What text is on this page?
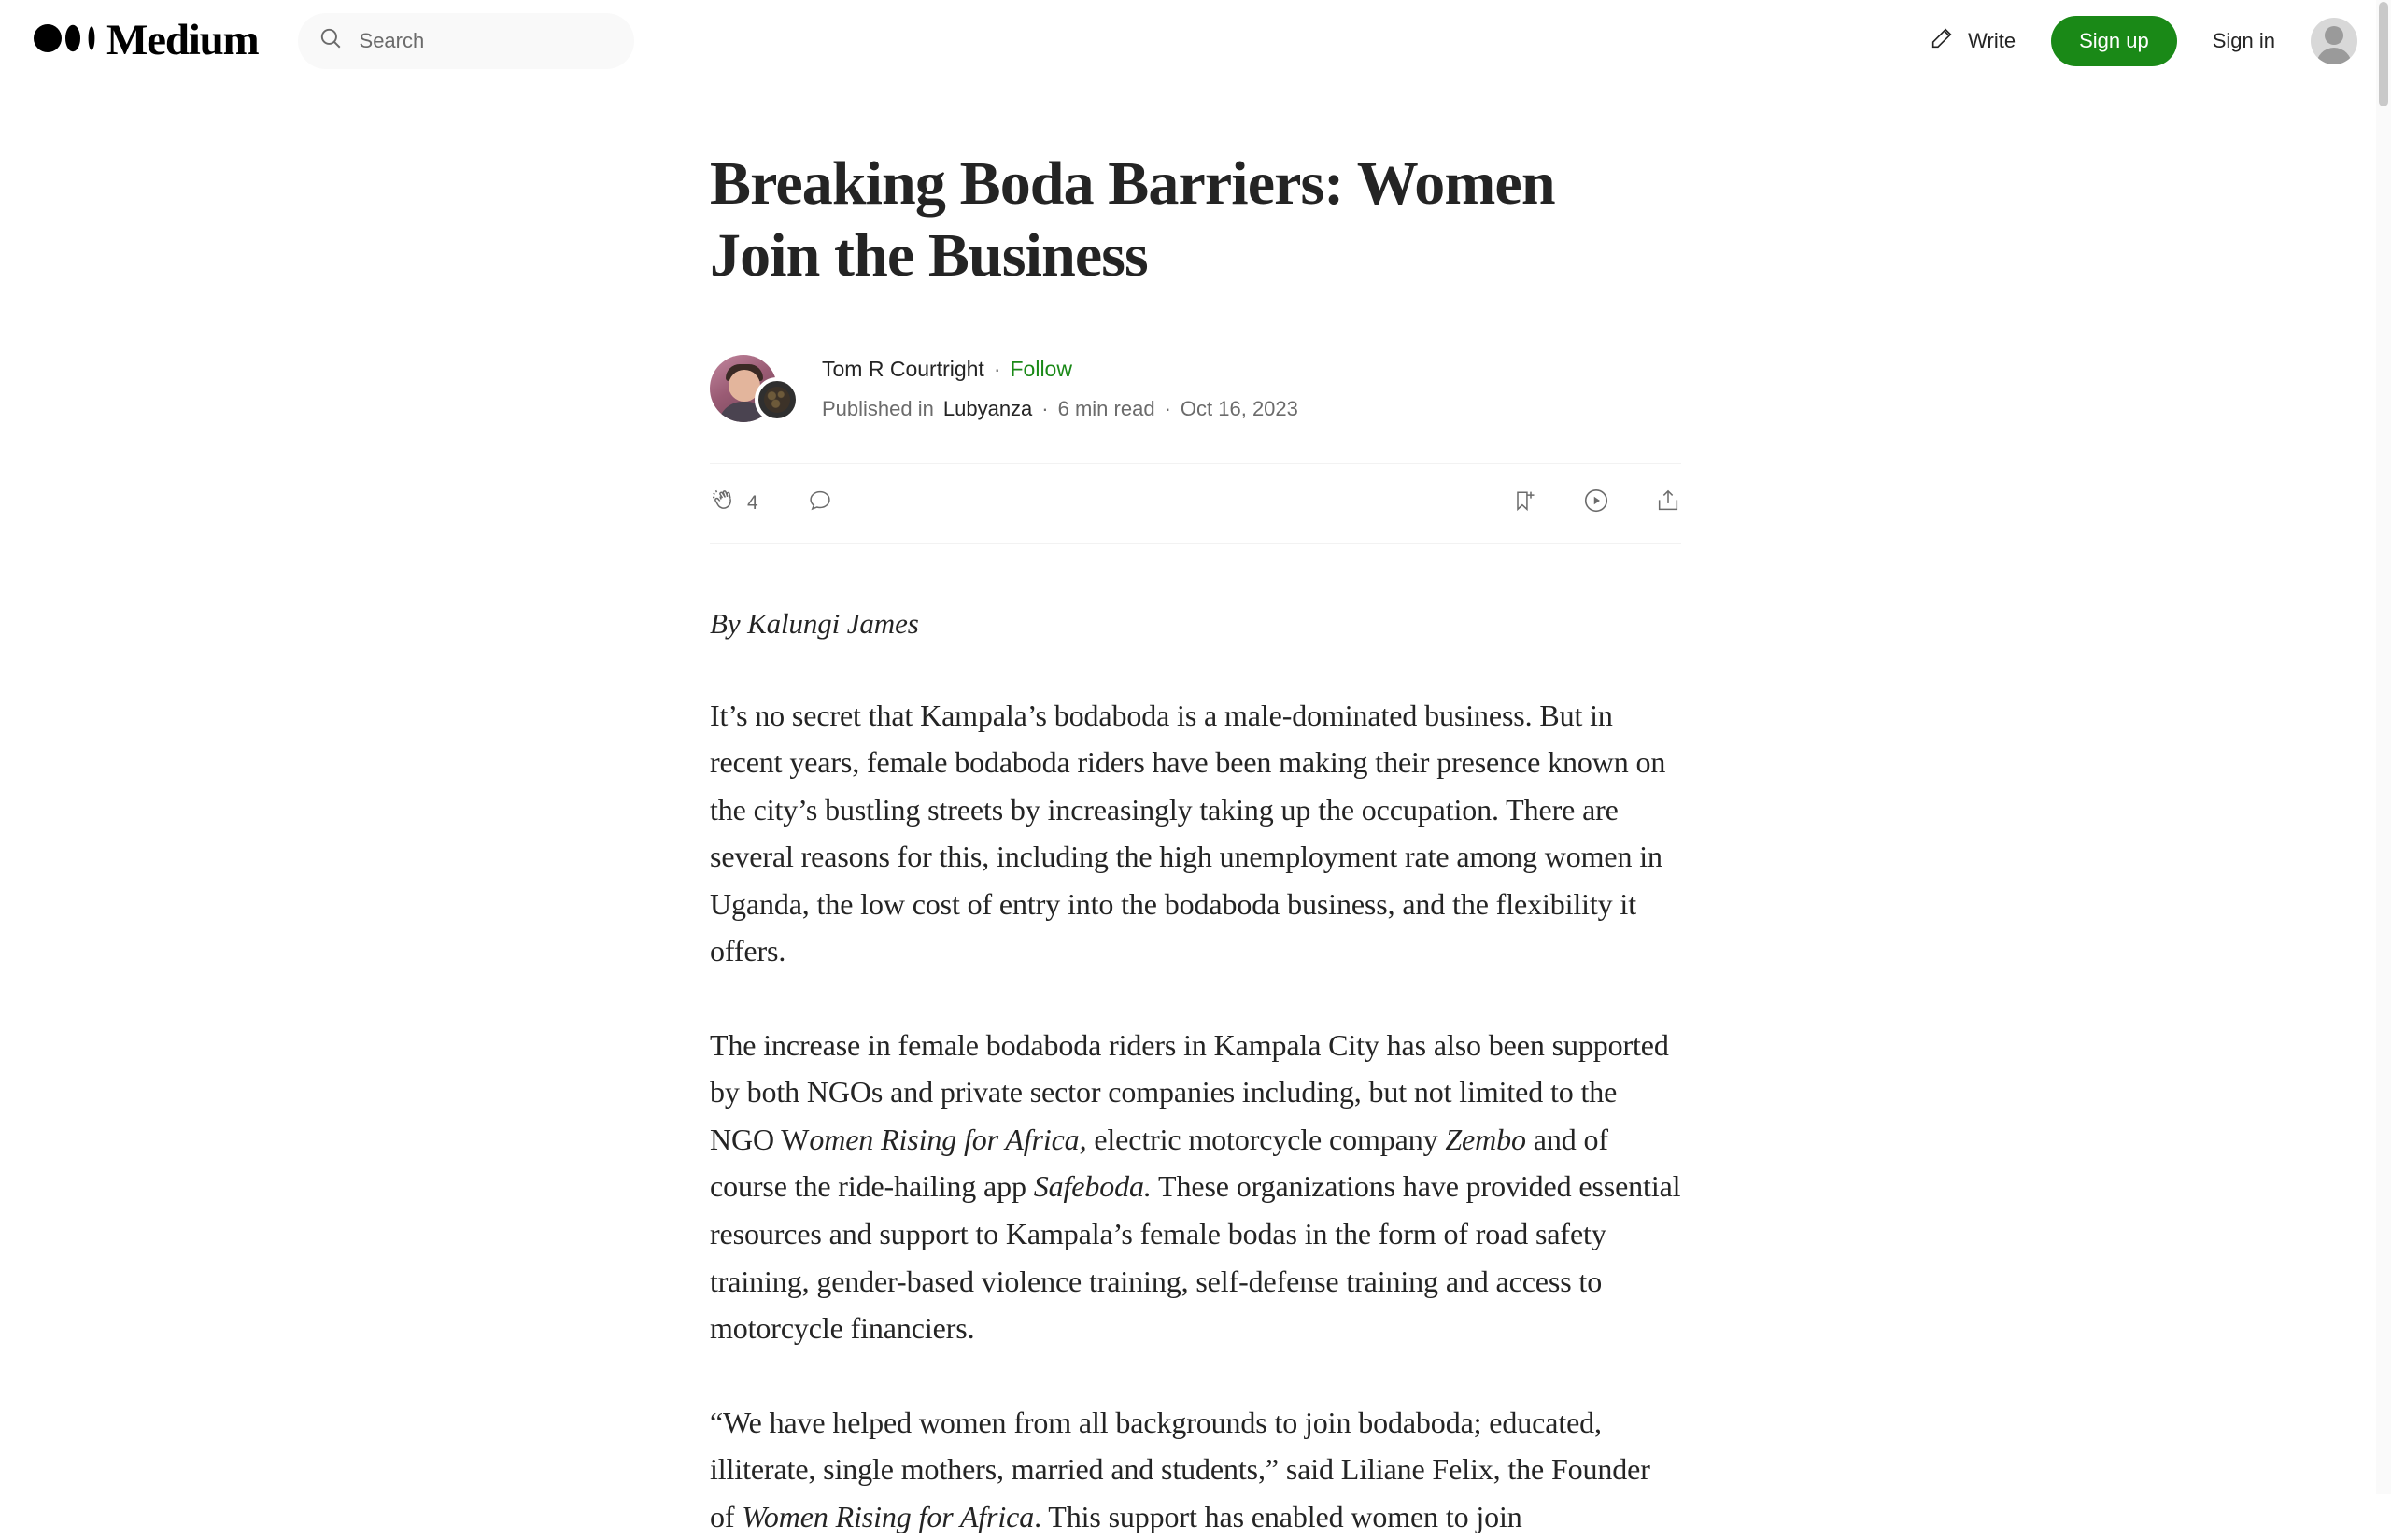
Medium
Search	Write	Sign up	Sign in
Breaking Boda Barriers: Women Join the Business
Tom R Courtright · Follow
Published in Lubyanza · 6 min read · Oct 16, 2023
4

By Kalungi James

It’s no secret that Kampala’s bodaboda is a male-dominated business. But in recent years, female bodaboda riders have been making their presence known on the city’s bustling streets by increasingly taking up the occupation. There are several reasons for this, including the high unemployment rate among women in Uganda, the low cost of entry into the bodaboda business, and the flexibility it offers.

The increase in female bodaboda riders in Kampala City has also been supported by both NGOs and private sector companies including, but not limited to the NGO Women Rising for Africa, electric motorcycle company Zembo and of course the ride-hailing app Safeboda. These organizations have provided essential resources and support to Kampala’s female bodas in the form of road safety training, gender-based violence training, self-defense training and access to motorcycle financiers.

“We have helped women from all backgrounds to join bodaboda; educated, illiterate, single mothers, married and students,” said Liliane Felix, the Founder of Women Rising for Africa. This support has enabled women to join
